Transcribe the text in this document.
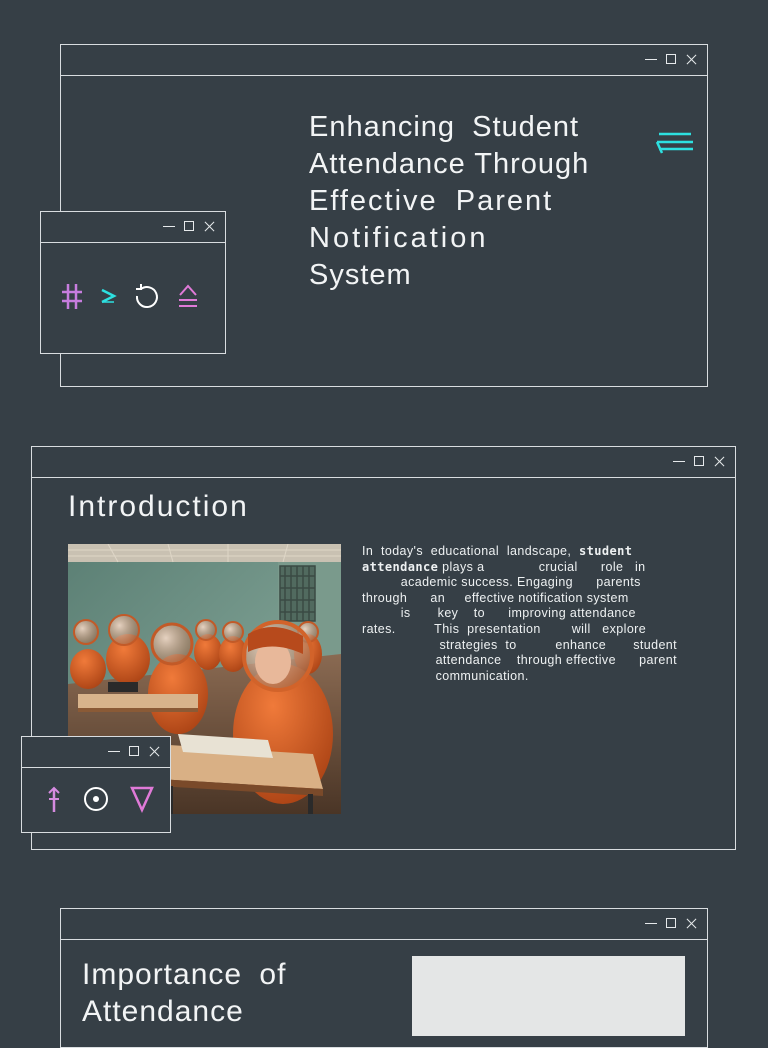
Enhancing Student
Attendance Through
Effective Parent
Notification
System
Introduction
In  today's  educational  landscape,  student
attendance plays a              crucial      role   in
academic success. Engaging      parents
through      an     effective notification system
is       key    to      improving attendance
rates.          This  presentation        will   explore
strategies  to          enhance       student
attendance    through effective      parent
communication.
Importance of
Attendance
